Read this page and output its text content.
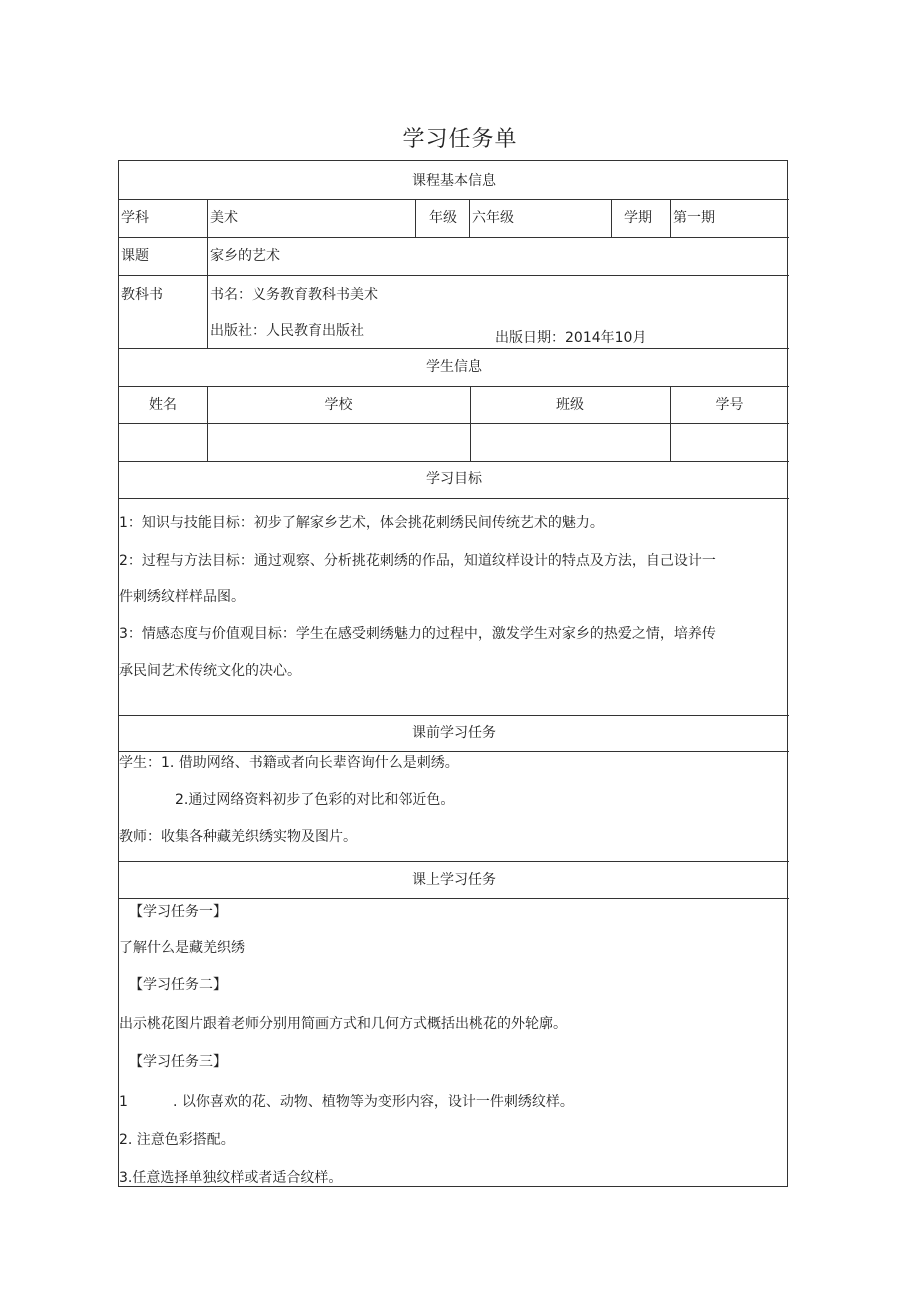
学习任务单
课程基本信息
学科	美术	年级 六年级	学期 第一期
课题	家乡的艺术
教科书	书名：义务教育教科书美术
出版社：人民教育出版社	出版日期：2014年10月
学生信息
姓名	学校	班级	学号
学习目标
1：知识与技能目标：初步了解家乡艺术，体会挑花刺绣民间传统艺术的魅力。
2：过程与方法目标：通过观察、分析挑花刺绣的作品，知道纹样设计的特点及方法，自己设计一
件刺绣纹样样品图。
3：情感态度与价值观目标：学生在感受刺绣魅力的过程中，激发学生对家乡的热爱之情，培养传
承民间艺术传统文化的决心。
课前学习任务
学生：1. 借助网络、书籍或者向长辈咨询什么是刺绣。
2.通过网络资料初步了色彩的对比和邻近色。
教师：收集各种藏羌织绣实物及图片。
课上学习任务
【学习任务一】
了解什么是藏羌织绣
【学习任务二】
出示桃花图片跟着老师分别用简画方式和几何方式概括出桃花的外轮廓。
【学习任务三】
1	. 以你喜欢的花、动物、植物等为变形内容，设计一件刺绣纹样。
2. 注意色彩搭配。
3.任意选择单独纹样或者适合纹样。
